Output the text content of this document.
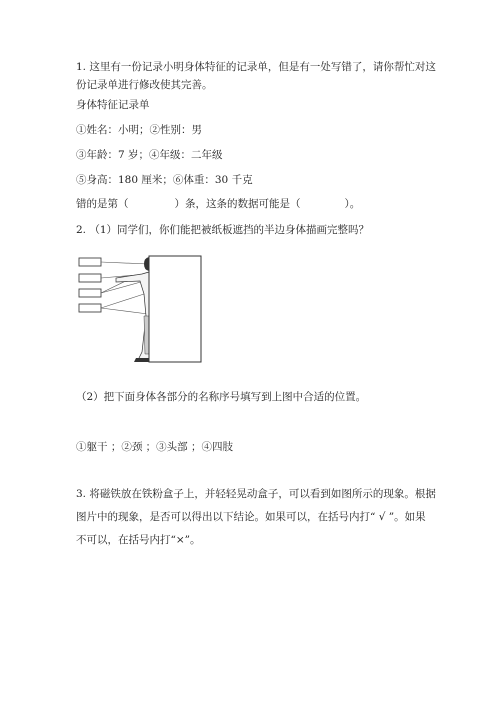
1. 这里有一份记录小明身体特征的记录单，但是有一处写错了，请你帮忙对这
份记录单进行修改使其完善。
身体特征记录单
①姓名：小明；②性别：男
③年龄：7 岁；④年级：二年级
⑤身高：180 厘米；⑥体重：30 千克
错的是第（	）条，这条的数据可能是（	）。
2. （1）同学们，你们能把被纸板遮挡的半边身体描画完整吗？
（2）把下面身体各部分的名称序号填写到上图中合适的位置。
①躯干 ；②颈 ；③头部 ；④四肢
3. 将磁铁放在铁粉盒子上，并轻轻晃动盒子，可以看到如图所示的现象。根据
图片中的现象，是否可以得出以下结论。如果可以，在括号内打“ √ ”。如果
不可以，在括号内打“×”。
